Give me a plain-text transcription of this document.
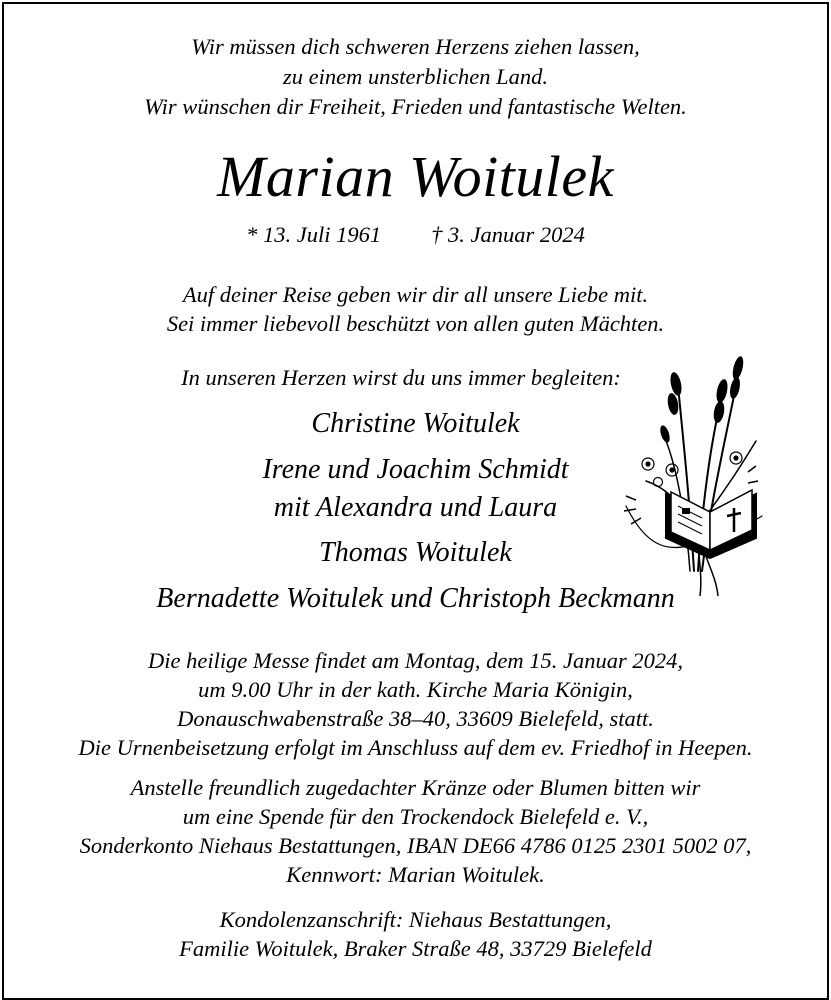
Wir müssen dich schweren Herzens ziehen lassen,
zu einem unsterblichen Land.
Wir wünschen dir Freiheit, Frieden und fantastische Welten.
Marian Woitulek
* 13. Juli 1961 † 3. Januar 2024
Auf deiner Reise geben wir dir all unsere Liebe mit.
Sei immer liebevoll beschützt von allen guten Mächten.
In unseren Herzen wirst du uns immer begleiten:
Christine Woitulek
Irene und Joachim Schmidt
mit Alexandra und Laura
Thomas Woitulek
Bernadette Woitulek und Christoph Beckmann
Die heilige Messe findet am Montag, dem 15. Januar 2024,
um 9.00 Uhr in der kath. Kirche Maria Königin,
Donauschwabenstraße 38–40, 33609 Bielefeld, statt.
Die Urnenbeisetzung erfolgt im Anschluss auf dem ev. Friedhof in Heepen.
Anstelle freundlich zugedachter Kränze oder Blumen bitten wir
um eine Spende für den Trockendock Bielefeld e. V.,
Sonderkonto Niehaus Bestattungen, IBAN DE66 4786 0125 2301 5002 07,
Kennwort: Marian Woitulek.
Kondolenzanschrift: Niehaus Bestattungen,
Familie Woitulek, Braker Straße 48, 33729 Bielefeld
